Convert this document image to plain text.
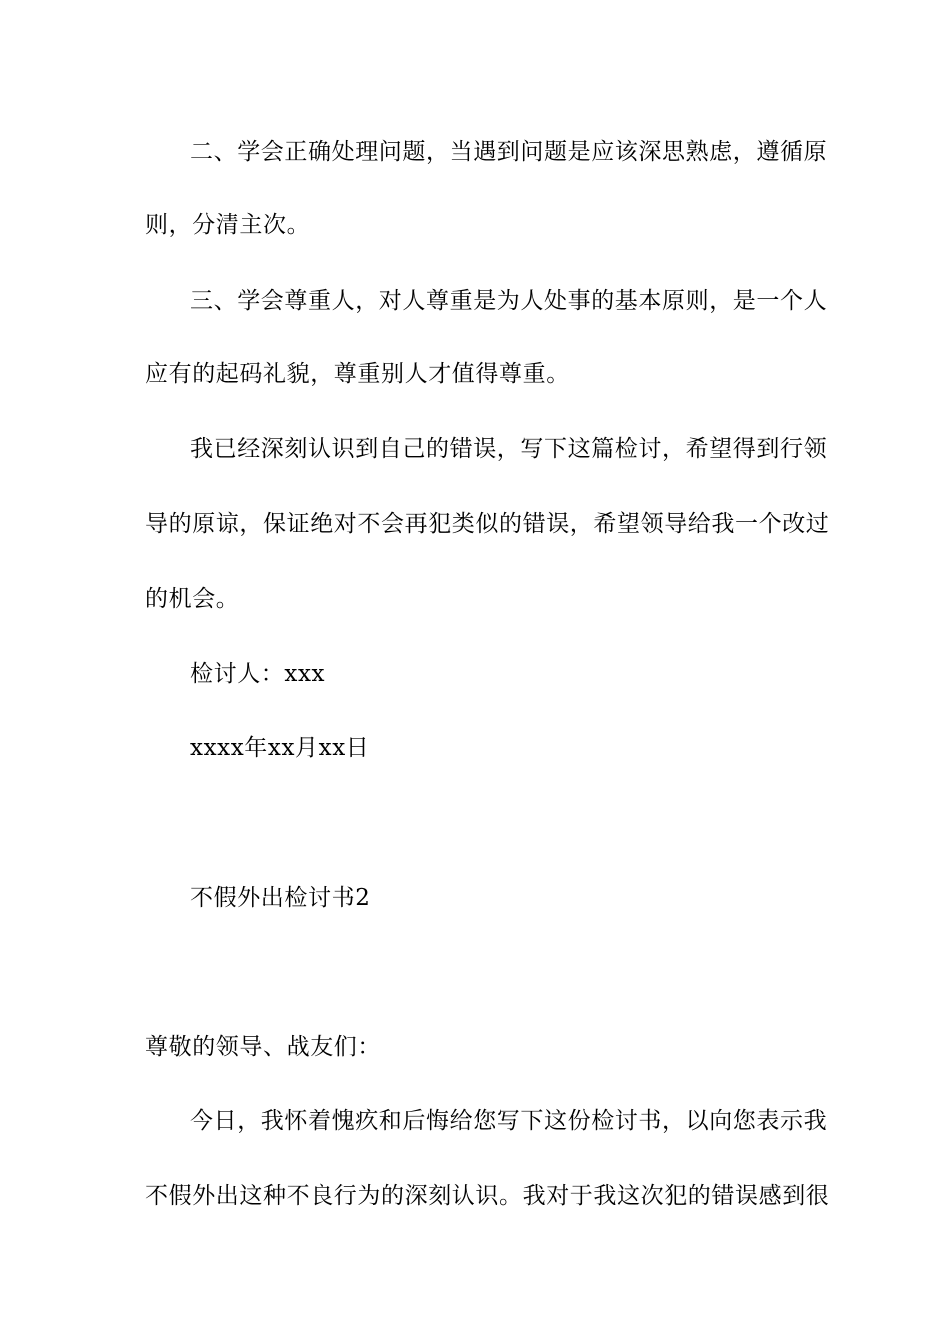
二、学会正确处理问题，当遇到问题是应该深思熟虑，遵循原
则，分清主次。
三、学会尊重人，对人尊重是为人处事的基本原则，是一个人
应有的起码礼貌，尊重别人才值得尊重。
我已经深刻认识到自己的错误，写下这篇检讨，希望得到行领
导的原谅，保证绝对不会再犯类似的错误，希望领导给我一个改过
的机会。
检讨人：xxx
xxxx年xx月xx日
不假外出检讨书2
尊敬的领导、战友们：
今日，我怀着愧疚和后悔给您写下这份检讨书，以向您表示我
不假外出这种不良行为的深刻认识。我对于我这次犯的错误感到很
